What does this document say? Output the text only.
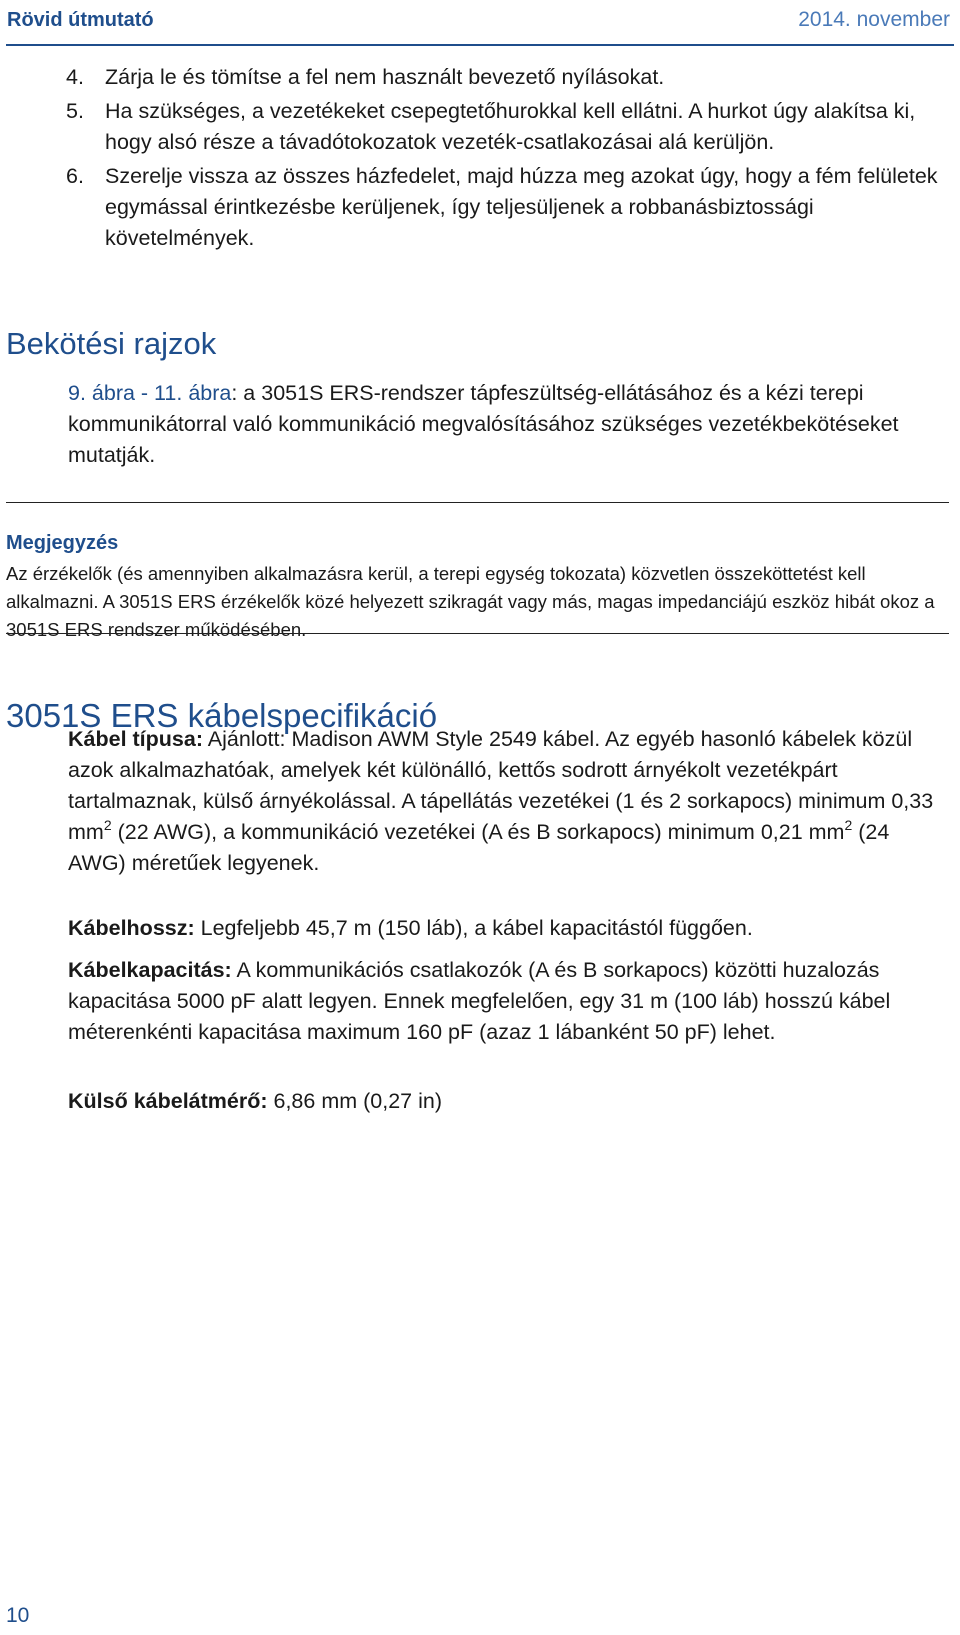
Rövid útmutató	2014. november
4. Zárja le és tömítse a fel nem használt bevezető nyílásokat.
5. Ha szükséges, a vezetékeket csepegtetőhurokkal kell ellátni. A hurkot úgy alakítsa ki, hogy alsó része a távadótokozatok vezeték-csatlakozásai alá kerüljön.
6. Szerelje vissza az összes házfedelet, majd húzza meg azokat úgy, hogy a fém felületek egymással érintkezésbe kerüljenek, így teljesüljenek a robbanásbiztossági követelmények.
Bekötési rajzok

9. ábra - 11. ábra: a 3051S ERS-rendszer tápfeszültség-ellátásához és a kézi terepi kommunikátorral való kommunikáció megvalósításához szükséges vezetékbekötéseket mutatják.

Megjegyzés

Az érzékelők (és amennyiben alkalmazásra kerül, a terepi egység tokozata) közvetlen összeköttetést kell alkalmazni. A 3051S ERS érzékelők közé helyezett szikragát vagy más, magas impedanciájú eszköz hibát okoz a 3051S ERS rendszer működésében.

3051S ERS kábelspecifikáció

Kábel típusa: Ajánlott: Madison AWM Style 2549 kábel. Az egyéb hasonló kábelek közül azok alkalmazhatóak, amelyek két különálló, kettős sodrott árnyékolt vezetékpárt tartalmaznak, külső árnyékolással. A tápellátás vezetékei (1 és 2 sorkapocs) minimum 0,33 $mm^2$ (22 AWG), a kommunikáció vezetékei (A és B sorkapocs) minimum 0,21 $mm^2$ (24 AWG) méretűek legyenek.

Kábelhossz: Legfeljebb 45,7 m (150 láb), a kábel kapacitástól függően.

Kábelkapacitás: A kommunikációs csatlakozók (A és B sorkapocs) közötti huzalozás kapacitása 5000 pF alatt legyen. Ennek megfelelően, egy 31 m (100 láb) hosszú kábel méterenkénti kapacitása maximum 160 pF (azaz 1 lábanként 50 pF) lehet.

Külső kábelátmérő: 6,86 mm (0,27 in)

10
